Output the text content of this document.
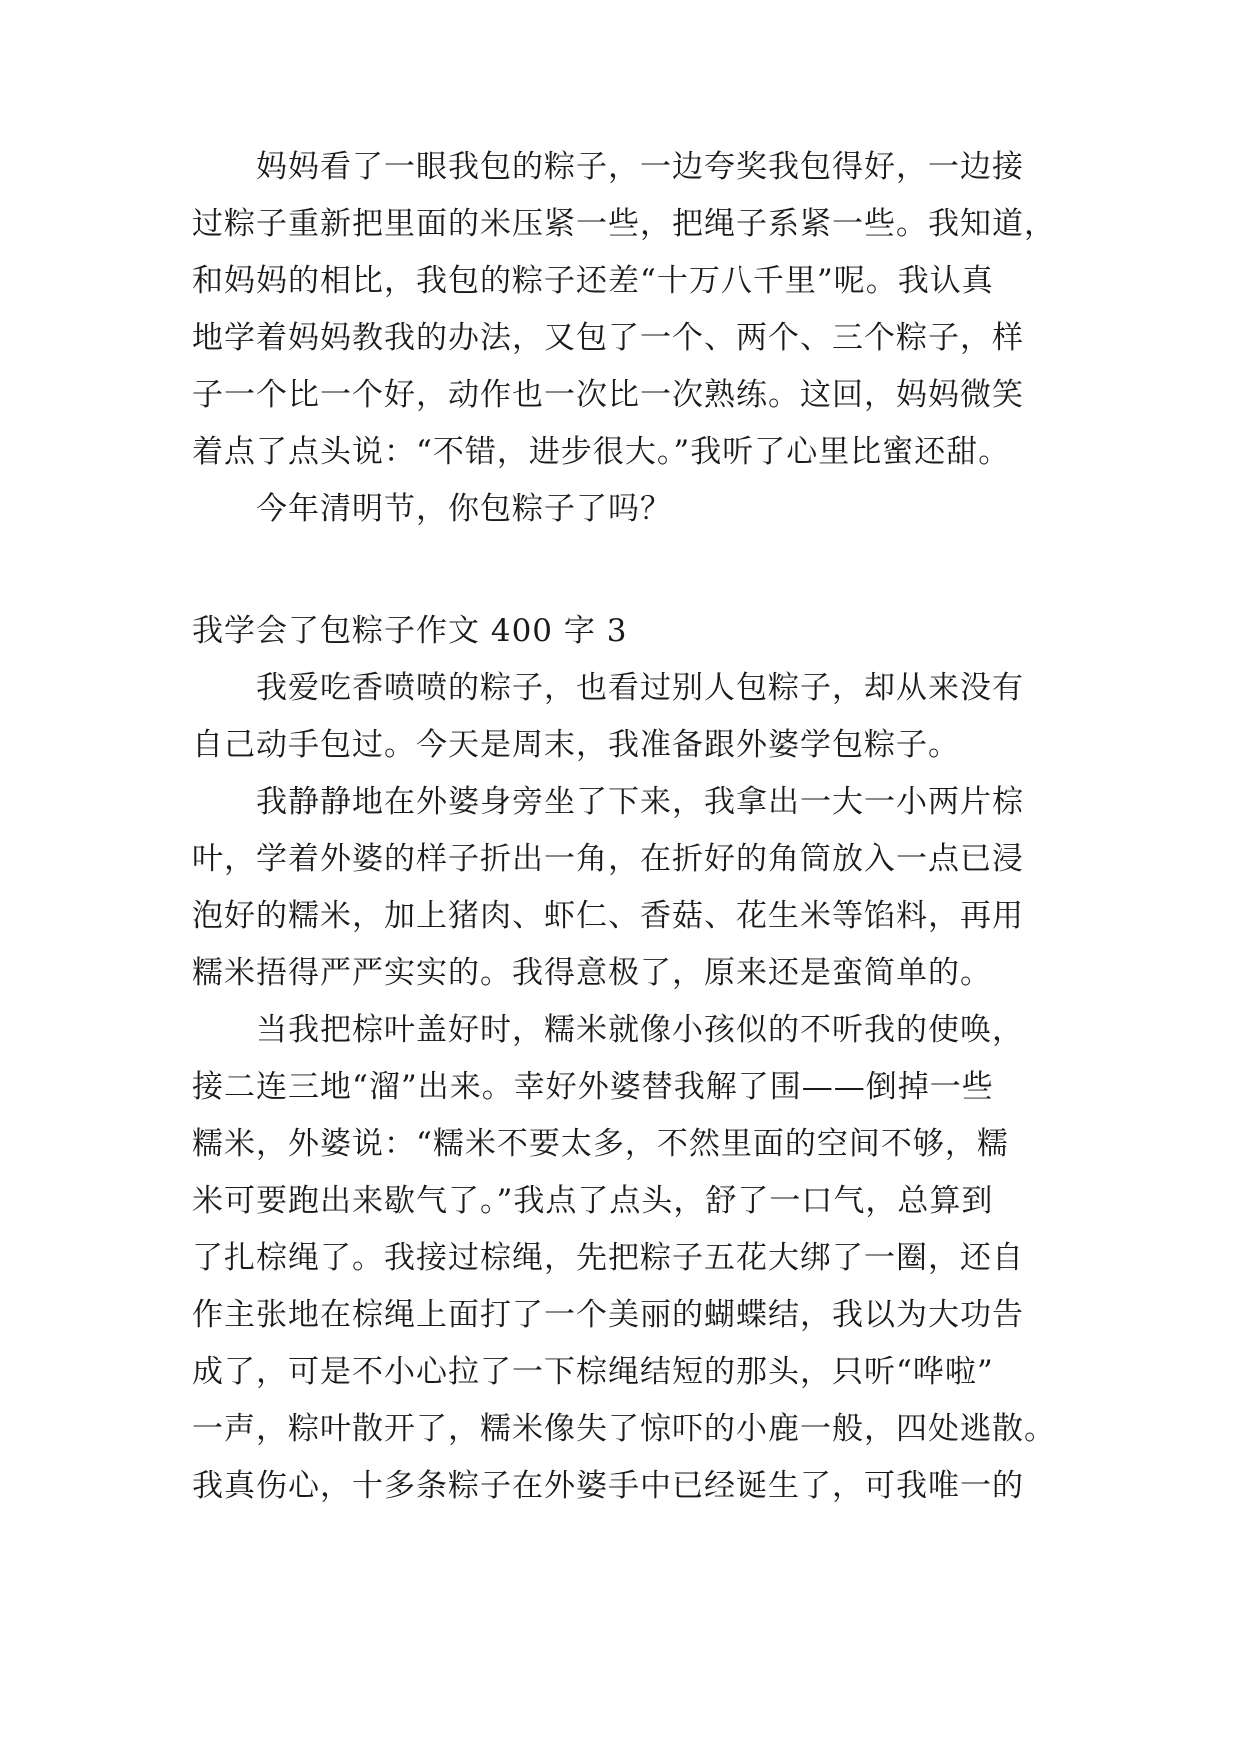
妈妈看了一眼我包的粽子，一边夸奖我包得好，一边接
过粽子重新把里面的米压紧一些，把绳子系紧一些。我知道，
和妈妈的相比，我包的粽子还差“十万八千里”呢。我认真
地学着妈妈教我的办法，又包了一个、两个、三个粽子，样
子一个比一个好，动作也一次比一次熟练。这回，妈妈微笑
着点了点头说：“不错，进步很大。”我听了心里比蜜还甜。
今年清明节，你包粽子了吗？
我学会了包粽子作文 400 字 3
我爱吃香喷喷的粽子，也看过别人包粽子，却从来没有
自己动手包过。今天是周末，我准备跟外婆学包粽子。
我静静地在外婆身旁坐了下来，我拿出一大一小两片棕
叶，学着外婆的样子折出一角，在折好的角筒放入一点已浸
泡好的糯米，加上猪肉、虾仁、香菇、花生米等馅料，再用
糯米捂得严严实实的。我得意极了，原来还是蛮简单的。
当我把棕叶盖好时，糯米就像小孩似的不听我的使唤，
接二连三地“溜”出来。幸好外婆替我解了围——倒掉一些
糯米，外婆说：“糯米不要太多，不然里面的空间不够，糯
米可要跑出来歇气了。”我点了点头，舒了一口气，总算到
了扎棕绳了。我接过棕绳，先把粽子五花大绑了一圈，还自
作主张地在棕绳上面打了一个美丽的蝴蝶结，我以为大功告
成了，可是不小心拉了一下棕绳结短的那头，只听“哗啦”
一声，粽叶散开了，糯米像失了惊吓的小鹿一般，四处逃散。
我真伤心，十多条粽子在外婆手中已经诞生了，可我唯一的
